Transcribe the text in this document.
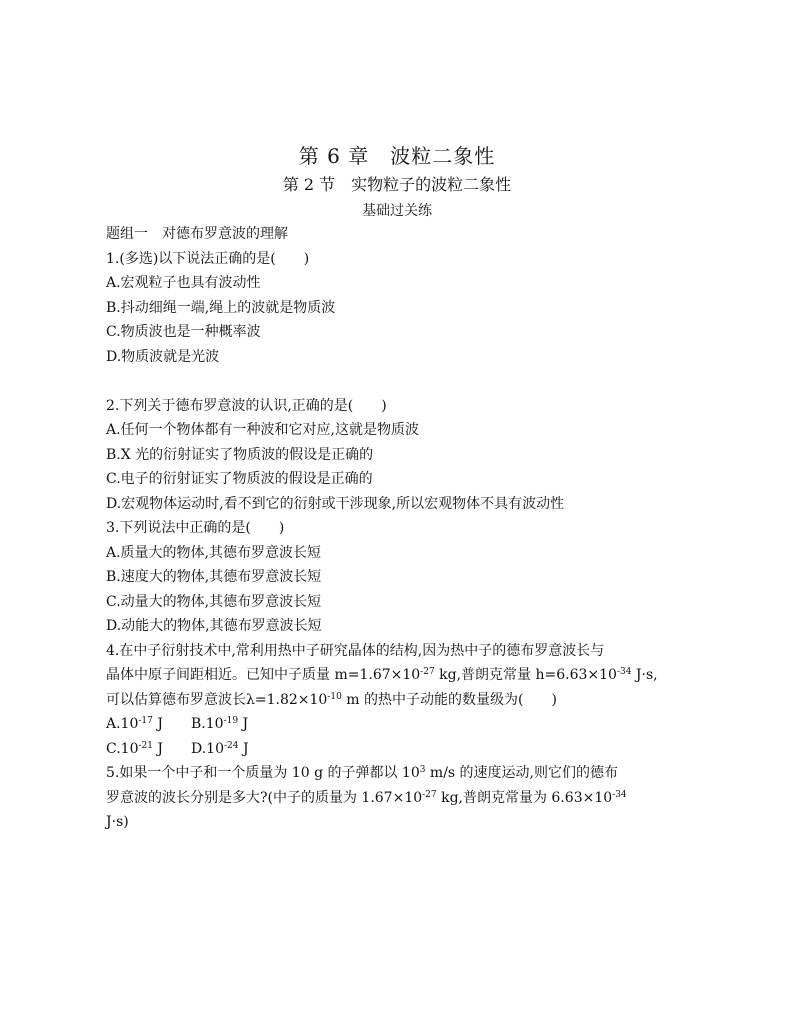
第 6 章　波粒二象性
第 2 节　实物粒子的波粒二象性
基础过关练
题组一　对德布罗意波的理解
1.(多选)以下说法正确的是(　　)
A.宏观粒子也具有波动性
B.抖动细绳一端,绳上的波就是物质波
C.物质波也是一种概率波
D.物质波就是光波
2.下列关于德布罗意波的认识,正确的是(　　)
A.任何一个物体都有一种波和它对应,这就是物质波
B.X 光的衍射证实了物质波的假设是正确的
C.电子的衍射证实了物质波的假设是正确的
D.宏观物体运动时,看不到它的衍射或干涉现象,所以宏观物体不具有波动性
3.下列说法中正确的是(　　)
A.质量大的物体,其德布罗意波长短
B.速度大的物体,其德布罗意波长短
C.动量大的物体,其德布罗意波长短
D.动能大的物体,其德布罗意波长短
4.在中子衍射技术中,常利用热中子研究晶体的结构,因为热中子的德布罗意波长与
晶体中原子间距相近。已知中子质量 $m=1.67\times 10^{-27}$ kg,普朗克常量 $h=6.63\times 10^{-34}$ J·s,
可以估算德布罗意波长$\lambda=1.82\times 10^{-10}$ m 的热中子动能的数量级为(　　)
$A.10^{-17}$ J $B.10^{-19}$ J
$C.10^{-21}$ J $D.10^{-24}$ J
5.如果一个中子和一个质量为 10 g 的子弹都以 $10^3$ m/s 的速度运动,则它们的德布
罗意波的波长分别是多大?(中子的质量为 $1.67\times 10^{-27}$ kg,普朗克常量为 $6.63\times 10^{-34}$
J·s)
